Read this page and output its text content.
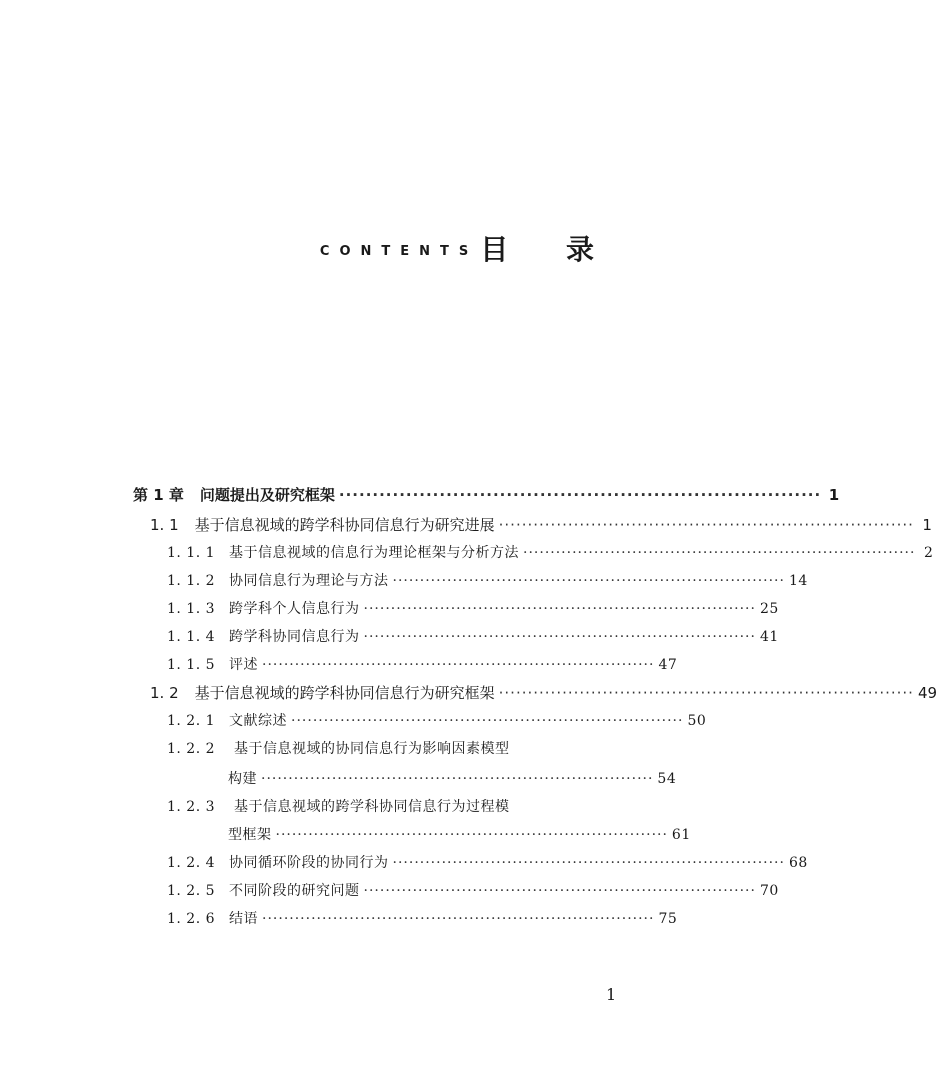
CONTENTS 目 录
第 1 章 问题提出及研究框架 ········································································ 1
1. 1 基于信息视域的跨学科协同信息行为研究进展 ········································································ 1
1. 1. 1 基于信息视域的信息行为理论框架与分析方法 ········································································ 2
1. 1. 2 协同信息行为理论与方法 ········································································ 14
1. 1. 3 跨学科个人信息行为 ········································································ 25
1. 1. 4 跨学科协同信息行为 ········································································ 41
1. 1. 5 评述 ········································································ 47
1. 2 基于信息视域的跨学科协同信息行为研究框架 ········································································ 49
1. 2. 1 文献综述 ········································································ 50
1. 2. 2 基于信息视域的协同信息行为影响因素模型
构建 ········································································ 54
1. 2. 3 基于信息视域的跨学科协同信息行为过程模
型框架 ········································································ 61
1. 2. 4 协同循环阶段的协同行为 ········································································ 68
1. 2. 5 不同阶段的研究问题 ········································································ 70
1. 2. 6 结语 ········································································ 75
1
